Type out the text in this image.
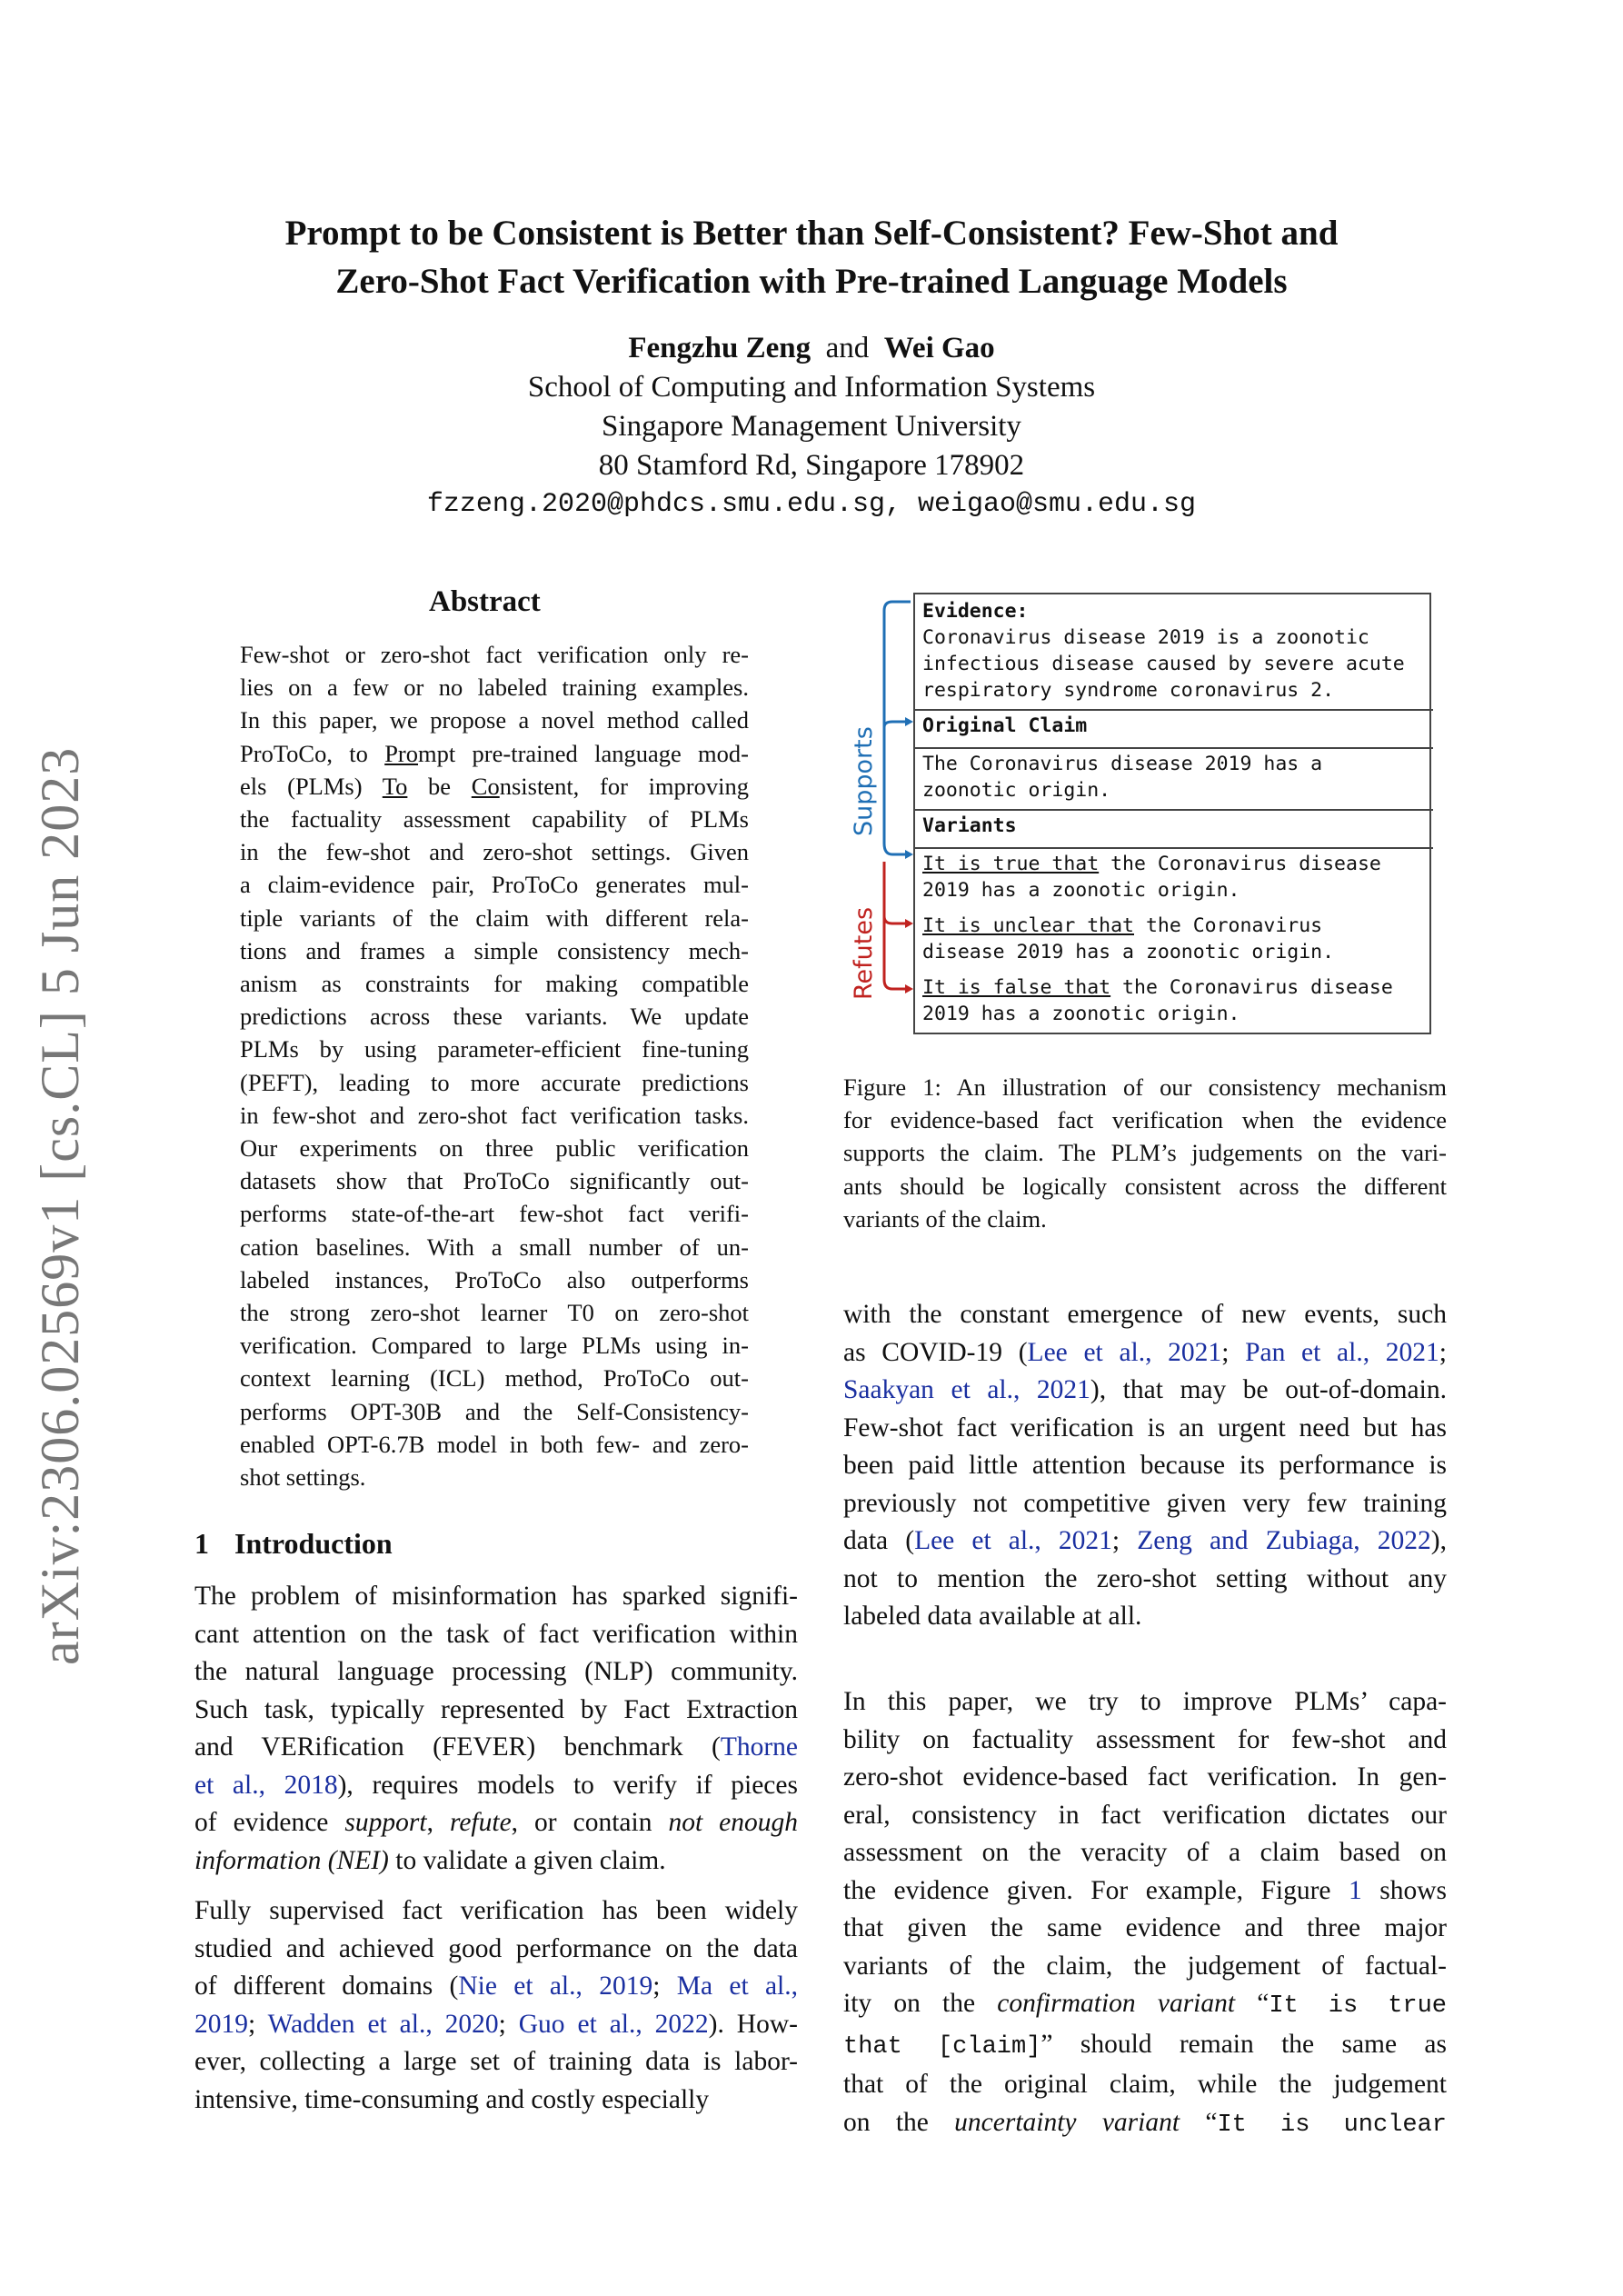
arXiv:2306.02569v1 [cs.CL] 5 Jun 2023
Prompt to be Consistent is Better than Self-Consistent? Few-Shot and
Zero-Shot Fact Verification with Pre-trained Language Models
Fengzhu Zeng and Wei Gao
School of Computing and Information Systems
Singapore Management University
80 Stamford Rd, Singapore 178902
fzzeng.2020@phdcs.smu.edu.sg, weigao@smu.edu.sg
Abstract
Few-shot or zero-shot fact verification only re-
lies on a few or no labeled training examples.
In this paper, we propose a novel method called
ProToCo, to Prompt pre-trained language mod-
els (PLMs) To be Consistent, for improving
the factuality assessment capability of PLMs
in the few-shot and zero-shot settings. Given
a claim-evidence pair, ProToCo generates mul-
tiple variants of the claim with different rela-
tions and frames a simple consistency mech-
anism as constraints for making compatible
predictions across these variants. We update
PLMs by using parameter-efficient fine-tuning
(PEFT), leading to more accurate predictions
in few-shot and zero-shot fact verification tasks.
Our experiments on three public verification
datasets show that ProToCo significantly out-
performs state-of-the-art few-shot fact verifi-
cation baselines. With a small number of un-
labeled instances, ProToCo also outperforms
the strong zero-shot learner T0 on zero-shot
verification. Compared to large PLMs using in-
context learning (ICL) method, ProToCo out-
performs OPT-30B and the Self-Consistency-
enabled OPT-6.7B model in both few- and zero-
shot settings.
Supports
Refutes
Evidence:
Coronavirus disease 2019 is a zoonotic
infectious disease caused by severe acute
respiratory syndrome coronavirus 2.
Original Claim
The Coronavirus disease 2019 has a
zoonotic origin.
Variants
It is true that the Coronavirus disease
2019 has a zoonotic origin.
It is unclear that the Coronavirus
disease 2019 has a zoonotic origin.
It is false that the Coronavirus disease
2019 has a zoonotic origin.
Figure 1: An illustration of our consistency mechanism
for evidence-based fact verification when the evidence
supports the claim. The PLM’s judgements on the vari-
ants should be logically consistent across the different
variants of the claim.
1 Introduction
The problem of misinformation has sparked signifi-
cant attention on the task of fact verification within
the natural language processing (NLP) community.
Such task, typically represented by Fact Extraction
and VERification (FEVER) benchmark (Thorne
et al., 2018), requires models to verify if pieces
of evidence support, refute, or contain not enough
information (NEI) to validate a given claim.
Fully supervised fact verification has been widely
studied and achieved good performance on the data
of different domains (Nie et al., 2019; Ma et al.,
2019; Wadden et al., 2020; Guo et al., 2022). How-
ever, collecting a large set of training data is labor-
intensive, time-consuming and costly especially
with the constant emergence of new events, such
as COVID-19 (Lee et al., 2021; Pan et al., 2021;
Saakyan et al., 2021), that may be out-of-domain.
Few-shot fact verification is an urgent need but has
been paid little attention because its performance is
previously not competitive given very few training
data (Lee et al., 2021; Zeng and Zubiaga, 2022),
not to mention the zero-shot setting without any
labeled data available at all.
In this paper, we try to improve PLMs’ capa-
bility on factuality assessment for few-shot and
zero-shot evidence-based fact verification. In gen-
eral, consistency in fact verification dictates our
assessment on the veracity of a claim based on
the evidence given. For example, Figure 1 shows
that given the same evidence and three major
variants of the claim, the judgement of factual-
ity on the confirmation variant “It is true
that [claim]” should remain the same as
that of the original claim, while the judgement
on the uncertainty variant “It is unclear
